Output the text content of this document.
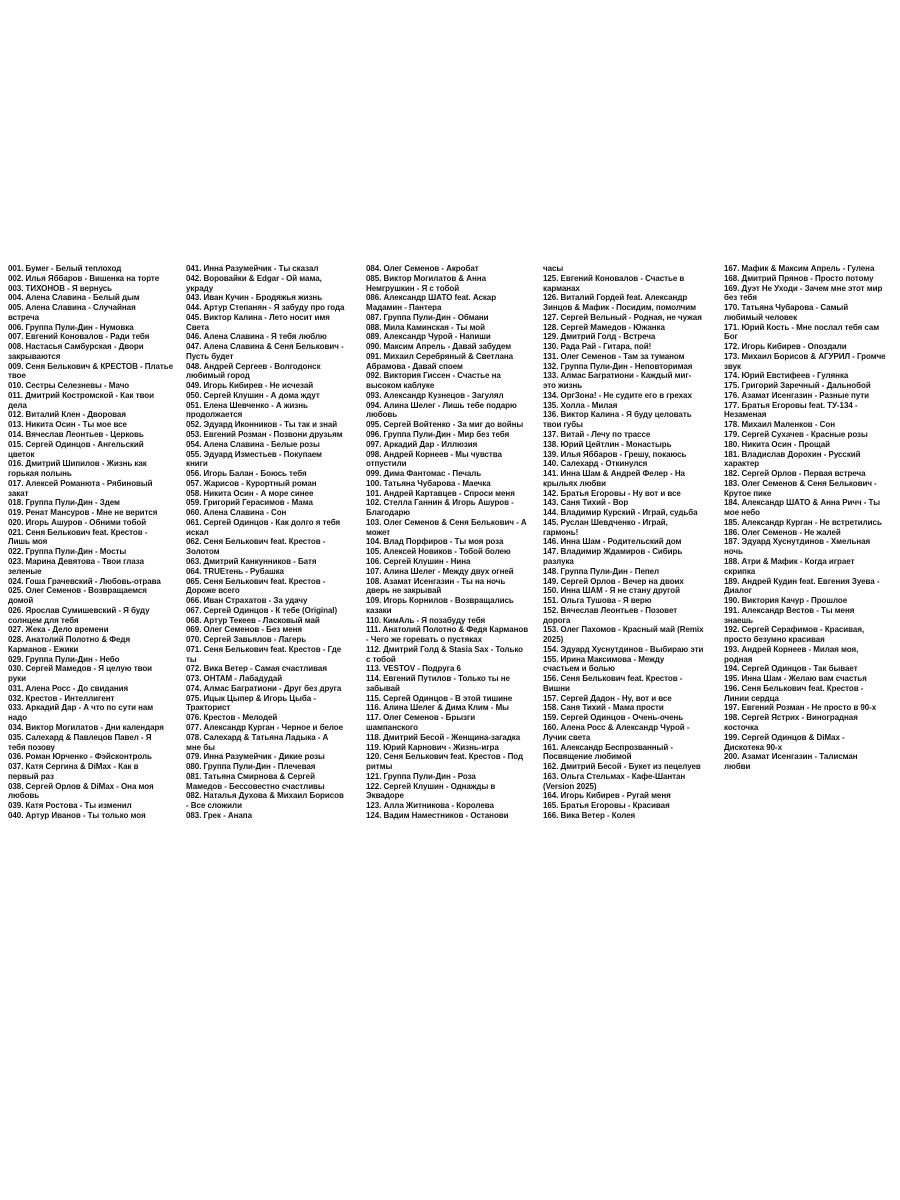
001. Бумеr - Белый теплоход
002. Илья Яббаров - Вишенка на торте
003. ТИХОНОВ - Я вернусь
004. Алена Славина - Белый дым
005. Алена Славина - Случайная
встреча
006. Группа Пули-Дин - Нумовка
007. Евгений Коновалов - Ради тебя
008. Настасья Самбурская - Двори
закрываются
009. Сеня Белькович & КРЕСТОВ - Платье
твое
010. Сестры Селезневы - Мачо
011. Дмитрий Костромской - Как твои
дела
012. Виталий Клен - Дворовая
013. Никита Осин - Ты мое все
014. Вячеслав Леонтьев - Церковь
015. Сергей Одинцов - Ангельский
цветок
016. Дмитрий Шипилов - Жизнь как
горькая полынь
017. Алексей Романюта - Рябиновый
закат
018. Группа Пули-Дин - Здем
019. Ренат Мансуров - Мне не верится
020. Игорь Ашуров - Обними тобой
021. Сеня Белькович feat. Крестов -
Лишь моя
022. Группа Пули-Дин - Мосты
023. Марина Девятова - Твои глаза
зеленые
024. Гоша Грачевский - Любовь-отрава
025. Олег Семенов - Возвращаемся
домой
026. Ярослав Сумишевский - Я буду
солнцем для тебя
027. Жека - Дело времени
028. Анатолий Полотно & Федя
Карманов - Ежики
029. Группа Пули-Дин - Небо
030. Сергей Мамедов - Я целую твои
руки
031. Алена Росс - До свидания
032. Крестов - Интеллигент
033. Аркадий Дар - А что по сути нам
надо
034. Виктор Могилатов - Дни календаря
035. Салехард & Павлецов Павел - Я
тебя позову
036. Роман Юрченко - Фэйсконтроль
037. Катя Сергина & DiMax - Как в
первый раз
038. Сергей Орлов & DiMax - Она моя
любовь
039. Катя Ростова - Ты изменил
040. Артур Иванов - Ты только моя
041. Инна Разумейчик - Ты сказал
042. Воровайки & Edgar - Ой мама,
украду
043. Иван Кучин - Бродяжья жизнь
044. Артур Степанян - Я забуду про года
045. Виктор Калина - Лето носит имя
Света
046. Алена Славина - Я тебя люблю
047. Алена Славина & Сеня Белькович -
Пусть будет
048. Андрей Сергеев - Волгодонск
любимый город
049. Игорь Кибирев - Не исчезай
050. Сергей Клушин - А дома ждут
051. Елена Шевченко - А жизнь
продолжается
052. Эдуард Иконников - Ты так и знай
053. Евгений Розман - Позвони друзьям
054. Алена Славина - Белые розы
055. Эдуард Изместьев - Покупаем
книги
056. Игорь Балан - Боюсь тебя
057. Жарисов - Курортный роман
058. Никита Осин - А море синее
059. Григорий Герасимов - Мама
060. Алена Славина - Сон
061. Сергей Одинцов - Как долго я тебя
искал
062. Сеня Белькович feat. Крестов -
Золотом
063. Дмитрий Канкунников - Батя
064. TRUEтень - Рубашка
065. Сеня Белькович feat. Крестов -
Дороже всего
066. Иван Страхатов - За удачу
067. Сергей Одинцов - К тебе (Original)
068. Артур Текеев - Ласковый май
069. Олег Семенов - Без меня
070. Сергей Завьялов - Лагерь
071. Сеня Белькович feat. Крестов - Где
ты
072. Вика Ветер - Самая счастливая
073. ОНТАМ - Лабадудай
074. Алмас Багратиони - Друг без друга
075. Ицык Цыпер & Игорь Цыба -
Тракторист
076. Крестов - Мелодей
077. Александр Курган - Черное и белое
078. Салехард & Татьяна Ладыка - А
мне бы
079. Инна Разумейчик - Дикие розы
080. Группа Пули-Дин - Плечевая
081. Татьяна Смирнова & Сергей
Мамедов - Бессовестно счастливы
082. Наталья Духова & Михаил Борисов
- Все сложили
083. Грек - Анапа
084. Олег Семенов - Акробат
085. Виктор Могилатов & Анна
Немгрушкин - Я с тобой
086. Александр ШАТО feat. Аскар
Мадамин - Пантера
087. Группа Пули-Дин - Обмани
088. Мила Каминская - Ты мой
089. Александр Чурой - Напиши
090. Максим Апрель - Давай забудем
091. Михаил Серебряный & Светлана
Абрамова - Давай споем
092. Виктория Гиссен - Счастье на
высоком каблуке
093. Александр Кузнецов - Загулял
094. Алина Шелег - Лишь тебе подарю
любовь
095. Сергей Войтенко - За миг до войны
096. Группа Пули-Дин - Мир без тебя
097. Аркадий Дар - Иллюзия
098. Андрей Корнеев - Мы чувства
отпустили
099. Дима Фантомас - Печаль
100. Татьяна Чубарова - Маечка
101. Андрей Картавцев - Спроси меня
102. Стелла Ганнин & Игорь Ашуров -
Благодарю
103. Олег Семенов & Сеня Белькович - А
может
104. Влад Порфиров - Ты моя роза
105. Алексей Новиков - Тобой болею
106. Сергей Клушин - Нина
107. Алина Шелег - Между двух огней
108. Азамат Исенгазин - Ты на ночь
дверь не закрывай
109. Игорь Корнилов - Возвращались
казаки
110. КимАль - Я позабуду тебя
111. Анатолий Полотно & Федя Карманов
- Чего же горевать о пустяках
112. Дмитрий Голд & Stasia Sax - Только
с тобой
113. VESTOV - Подруга 6
114. Евгений Путилов - Только ты не
забывай
115. Сергей Одинцов - В этой тишине
116. Алина Шелег & Дима Клим - Мы
117. Олег Семенов - Брызги
шампанского
118. Дмитрий Бесой - Женщина-загадка
119. Юрий Карнович - Жизнь-игра
120. Сеня Белькович feat. Крестов - Под
ритмы
121. Группа Пули-Дин - Роза
122. Сергей Клушин - Однажды в
Эквадоре
123. Алла Житникова - Королева
124. Вадим Наместников - Останови
часы
125. Евгений Коновалов - Счастье в
карманах
126. Виталий Гордей feat. Александр
Зинцов & Мафик - Посидим, помолчим
127. Сергей Вельный - Родная, не чужая
128. Сергей Мамедов - Южанка
129. Дмитрий Голд - Встреча
130. Рада Рай - Гитара, пой!
131. Олег Семенов - Там за туманом
132. Группа Пули-Дин - Неповторимая
133. Алмас Багратиони - Каждый миг-
это жизнь
134. ОргЗона! - Не судите его в грехах
135. Холла - Милая
136. Виктор Калина - Я буду целовать
твои губы
137. Витай - Лечу по трассе
138. Юрий Цейтлин - Монастырь
139. Илья Яббаров - Грешу, покаюсь
140. Салехард - Откинулся
141. Инна Шам & Андрей Фелер - На
крыльях любви
142. Братья Егоровы - Ну вот и все
143. Саня Тихий - Вор
144. Владимир Курский - Играй, судьба
145. Руслан Шевдченко - Играй,
гармонь!
146. Инна Шам - Родительский дом
147. Владимир Ждамиров - Сибирь
разлука
148. Группа Пули-Дин - Пепел
149. Сергей Орлов - Вечер на двоих
150. Инна ШАМ - Я не стану другой
151. Ольга Тушова - Я верю
152. Вячеслав Леонтьев - Позовет
дорога
153. Олег Пахомов - Красный май (Remix
2025)
154. Эдуард Хуснутдинов - Выбираю эти
155. Ирина Максимова - Между
счастьем и болью
156. Сеня Белькович feat. Крестов -
Вишни
157. Сергей Дадон - Ну, вот и все
158. Саня Тихий - Мама прости
159. Сергей Одинцов - Очень-очень
160. Алена Росс & Александр Чурой -
Лучик света
161. Александр Беспрозванный -
Посвящение любимой
162. Дмитрий Бесой - Букет из пецелуев
163. Ольга Стельмах - Кафе-Шантан
(Version 2025)
164. Игорь Кибирев - Ругай меня
165. Братья Егоровы - Красивая
166. Вика Ветер - Колея
167. Мафик & Максим Апрель - Гулена
168. Дмитрий Прянов - Просто потому
169. Дуэт Не Уходи - Зачем мне этот мир
без тебя
170. Татьяна Чубарова - Самый
любимый человек
171. Юрий Кость - Мне послал тебя сам
Бог
172. Игорь Кибирев - Опоздали
173. Михаил Борисов & АГУРИЛ - Громче
звук
174. Юрий Евстифеев - Гулянка
175. Григорий Заречный - Дальнобой
176. Азамат Исенгазин - Разные пути
177. Братья Егоровы feat. ТУ-134 -
Незаменая
178. Михаил Маленков - Сон
179. Сергей Сухачев - Красные розы
180. Никита Осин - Прощай
181. Владислав Дорохин - Русский
характер
182. Сергей Орлов - Первая встреча
183. Олег Семенов & Сеня Белькович -
Крутое пике
184. Александр ШАТО & Анна Ричч - Ты
мое небо
185. Александр Курган - Не встретились
186. Олег Семенов - Не жалей
187. Эдуард Хуснутдинов - Хмельная
ночь
188. Атри & Мафик - Когда играет
скрипка
189. Андрей Кудин feat. Евгения Зуева -
Диалог
190. Виктория Качур - Прошлое
191. Александр Вестов - Ты меня
знаешь
192. Сергей Серафимов - Красивая,
просто безумно красивая
193. Андрей Корнеев - Милая моя,
родная
194. Сергей Одинцов - Так бывает
195. Инна Шам - Желаю вам счастья
196. Сеня Белькович feat. Крестов -
Линии сердца
197. Евгений Розман - Не просто в 90-х
198. Сергей Ястрих - Виноградная
косточка
199. Сергей Одинцов & DiMax -
Дискотека 90-х
200. Азамат Исенгазин - Талисман
любви
